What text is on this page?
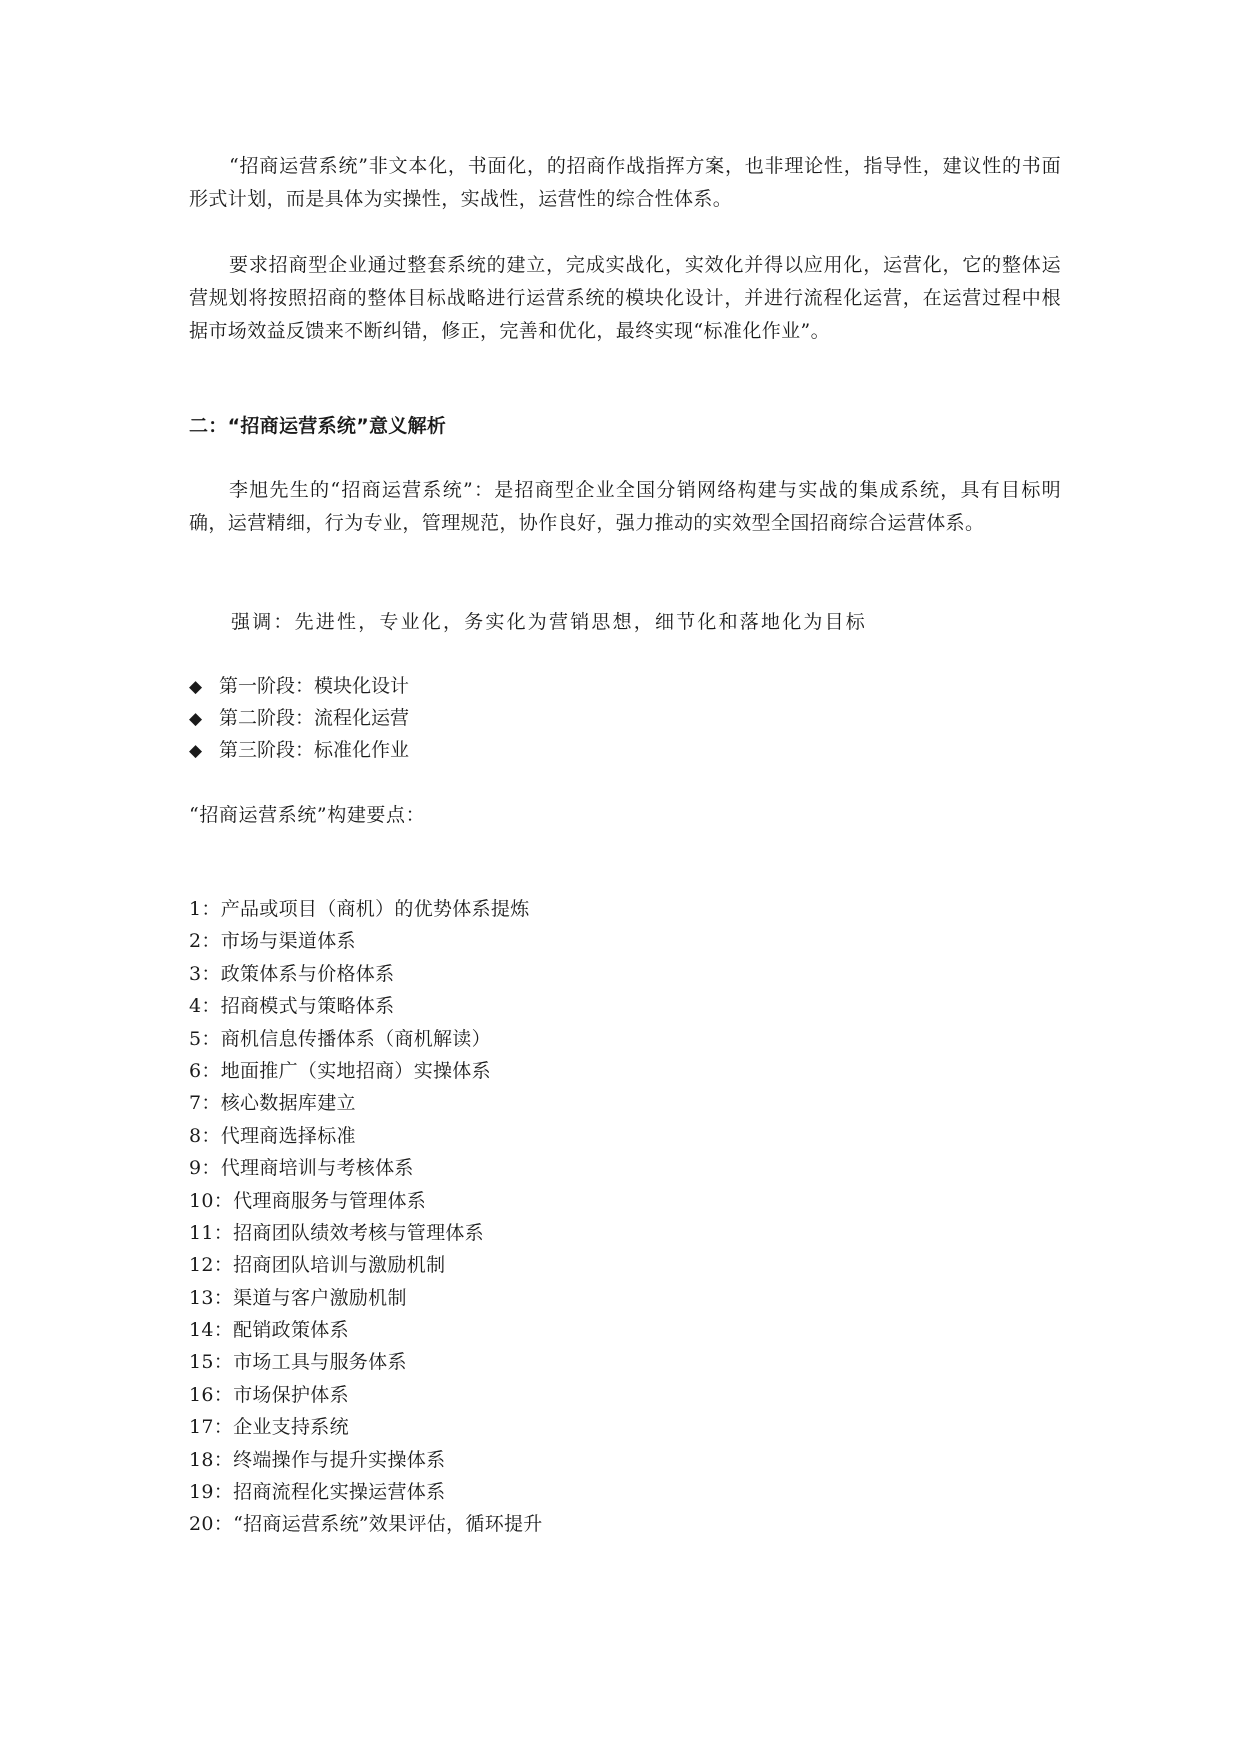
“招商运营系统”非文本化，书面化，的招商作战指挥方案，也非理论性，指导性，建议性的书面形式计划，而是具体为实操性，实战性，运营性的综合性体系。

要求招商型企业通过整套系统的建立，完成实战化，实效化并得以应用化，运营化，它的整体运营规划将按照招商的整体目标战略进行运营系统的模块化设计，并进行流程化运营，在运营过程中根据市场效益反馈来不断纠错，修正，完善和优化，最终实现“标准化作业”。

二：“招商运营系统”意义解析

李旭先生的“招商运营系统”：是招商型企业全国分销网络构建与实战的集成系统，具有目标明确，运营精细，行为专业，管理规范，协作良好，强力推动的实效型全国招商综合运营体系。

强调：先进性，专业化，务实化为营销思想，细节化和落地化为目标

◆ 第一阶段：模块化设计
◆ 第二阶段：流程化运营
◆ 第三阶段：标准化作业

“招商运营系统”构建要点：

1：产品或项目（商机）的优势体系提炼
2：市场与渠道体系
3：政策体系与价格体系
4：招商模式与策略体系
5：商机信息传播体系（商机解读）
6：地面推广（实地招商）实操体系
7：核心数据库建立
8：代理商选择标准
9：代理商培训与考核体系
10：代理商服务与管理体系
11：招商团队绩效考核与管理体系
12：招商团队培训与激励机制
13：渠道与客户激励机制
14：配销政策体系
15：市场工具与服务体系
16：市场保护体系
17：企业支持系统
18：终端操作与提升实操体系
19：招商流程化实操运营体系
20：“招商运营系统”效果评估，循环提升
